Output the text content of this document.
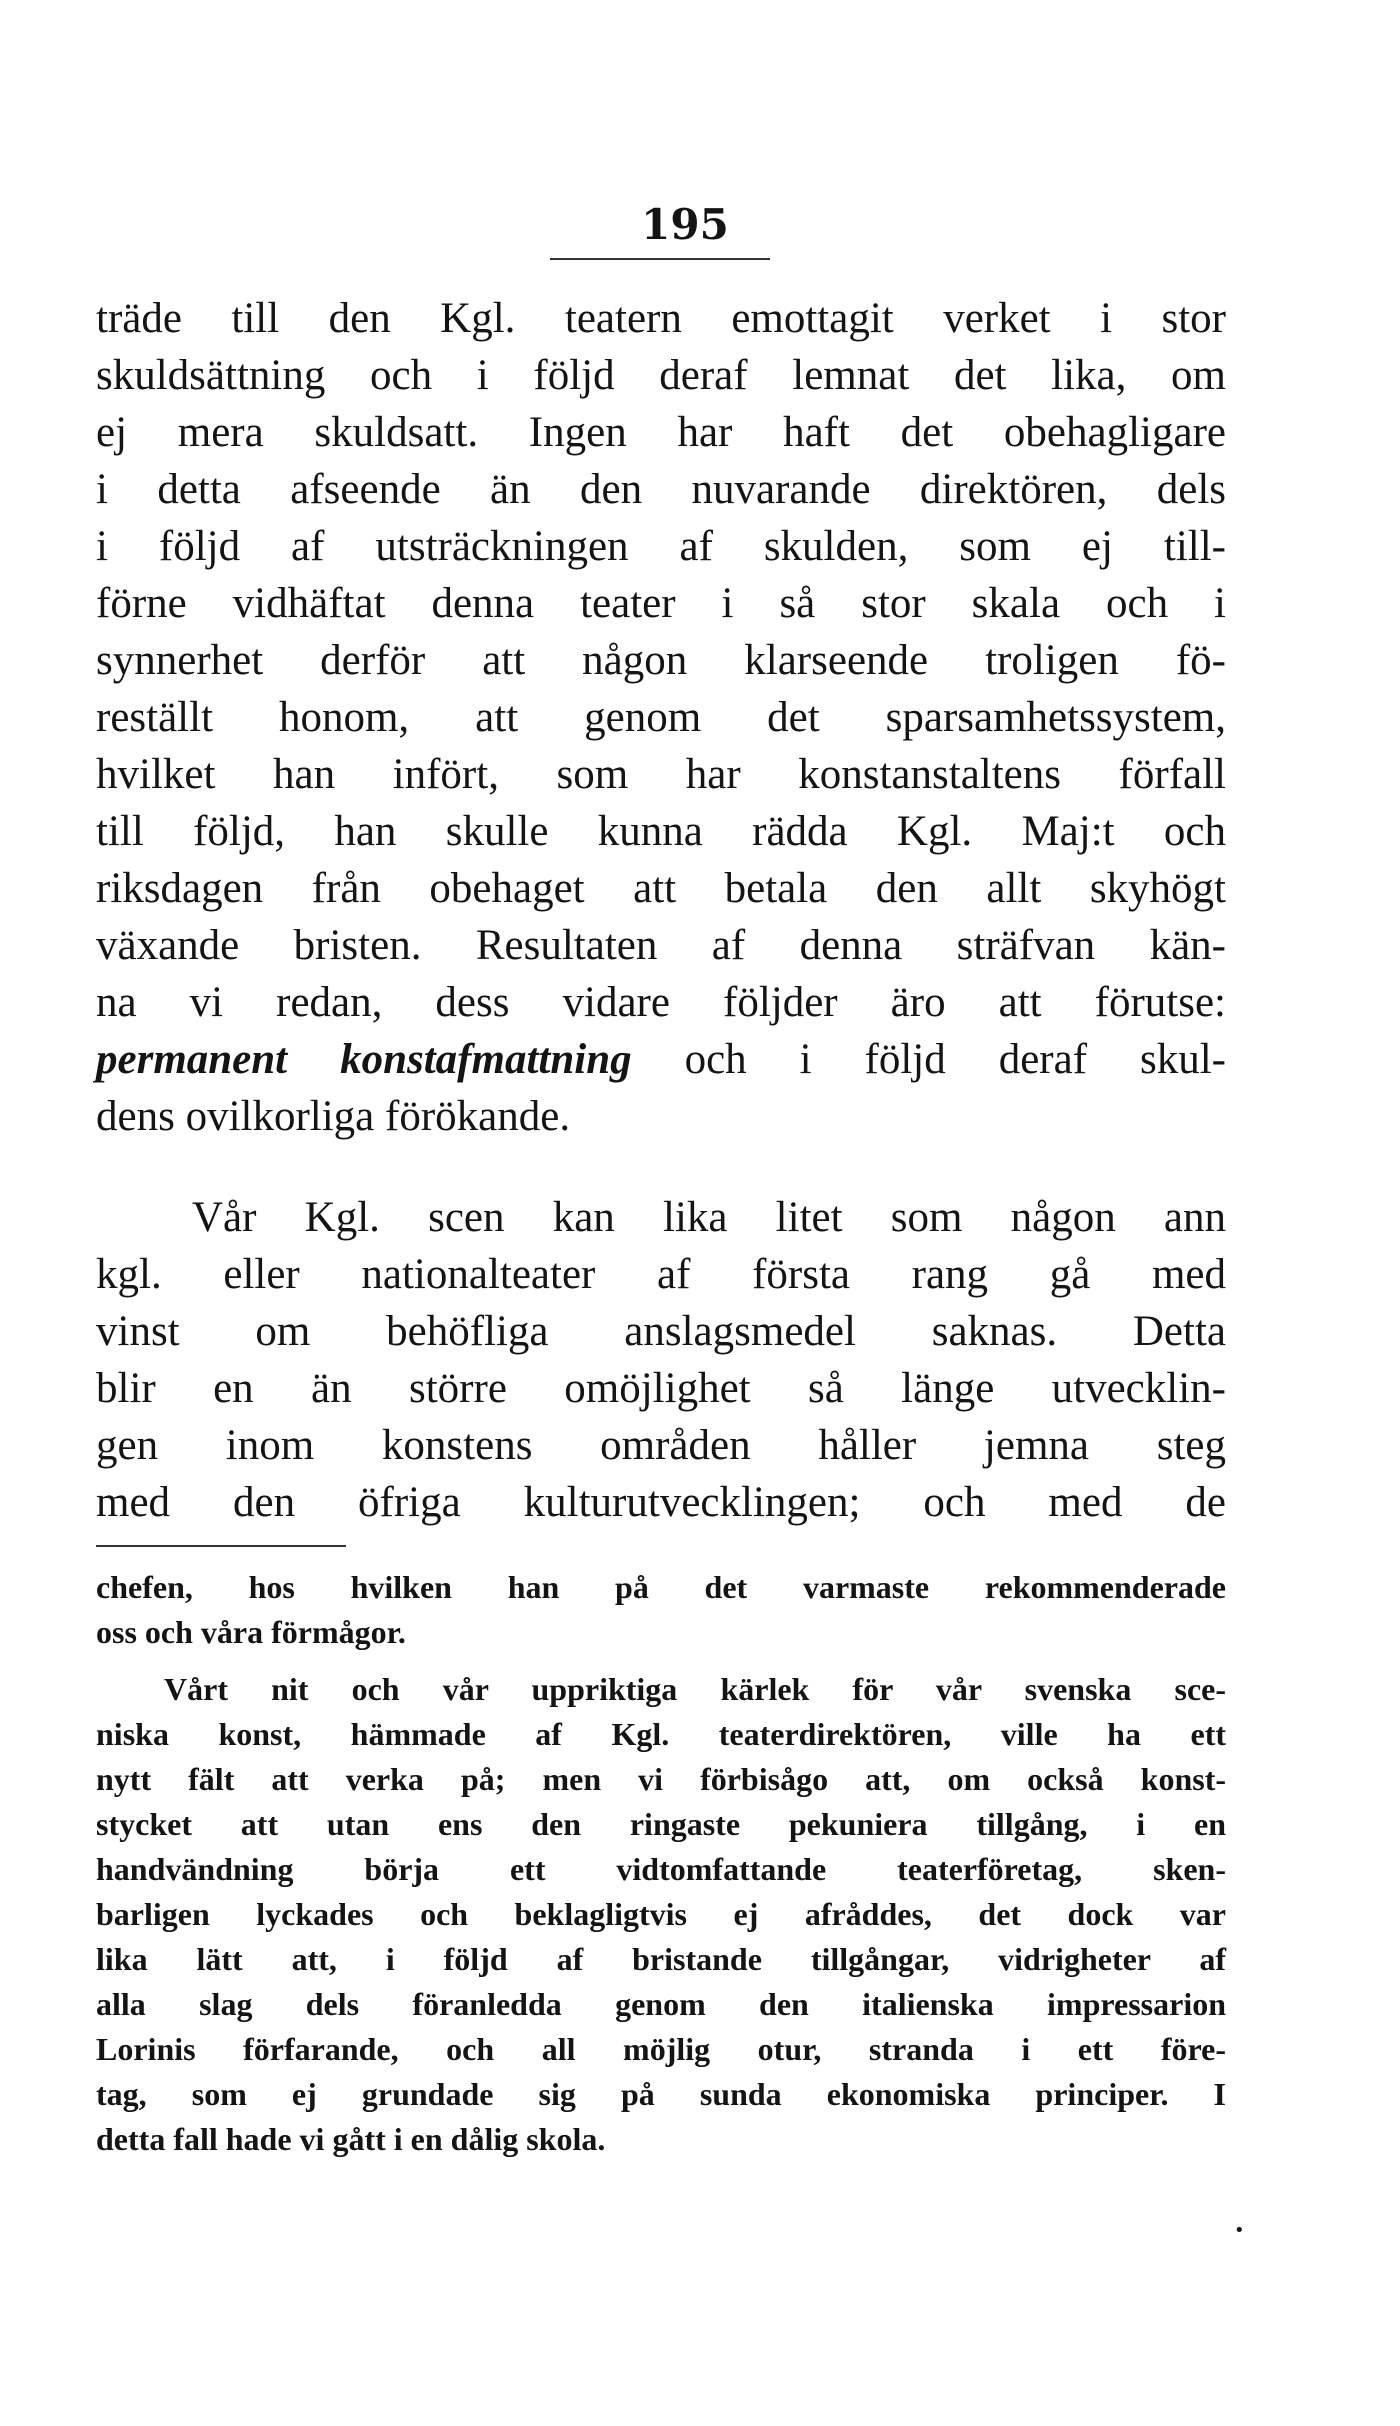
195
träde till den Kgl. teatern emottagit verket i stor
skuldsättning och i följd deraf lemnat det lika, om
ej mera skuldsatt. Ingen har haft det obehagligare
i detta afseende än den nuvarande direktören, dels
i följd af utsträckningen af skulden, som ej till-
förne vidhäftat denna teater i så stor skala och i
synnerhet derför att någon klarseende troligen fö-
reställt honom, att genom det sparsamhetssystem,
hvilket han infört, som har konstanstaltens förfall
till följd, han skulle kunna rädda Kgl. Maj:t och
riksdagen från obehaget att betala den allt skyhögt
växande bristen. Resultaten af denna sträfvan kän-
na vi redan, dess vidare följder äro att förutse:
permanent konstafmattning och i följd deraf skul-
dens ovilkorliga förökande.
Vår Kgl. scen kan lika litet som någon ann
kgl. eller nationalteater af första rang gå med
vinst om behöfliga anslagsmedel saknas. Detta
blir en än större omöjlighet så länge utvecklin-
gen inom konstens områden håller jemna steg
med den öfriga kulturutvecklingen; och med de
chefen, hos hvilken han på det varmaste rekommenderade
oss och våra förmågor.
Vårt nit och vår uppriktiga kärlek för vår svenska sce-
niska konst, hämmade af Kgl. teaterdirektören, ville ha ett
nytt fält att verka på; men vi förbisågo att, om också konst-
stycket att utan ens den ringaste pekuniera tillgång, i en
handvändning börja ett vidtomfattande teaterföretag, sken-
barligen lyckades och beklagligtvis ej afråddes, det dock var
lika lätt att, i följd af bristande tillgångar, vidrigheter af
alla slag dels föranledda genom den italienska impressarion
Lorinis förfarande, och all möjlig otur, stranda i ett före-
tag, som ej grundade sig på sunda ekonomiska principer. I
detta fall hade vi gått i en dålig skola.
•
